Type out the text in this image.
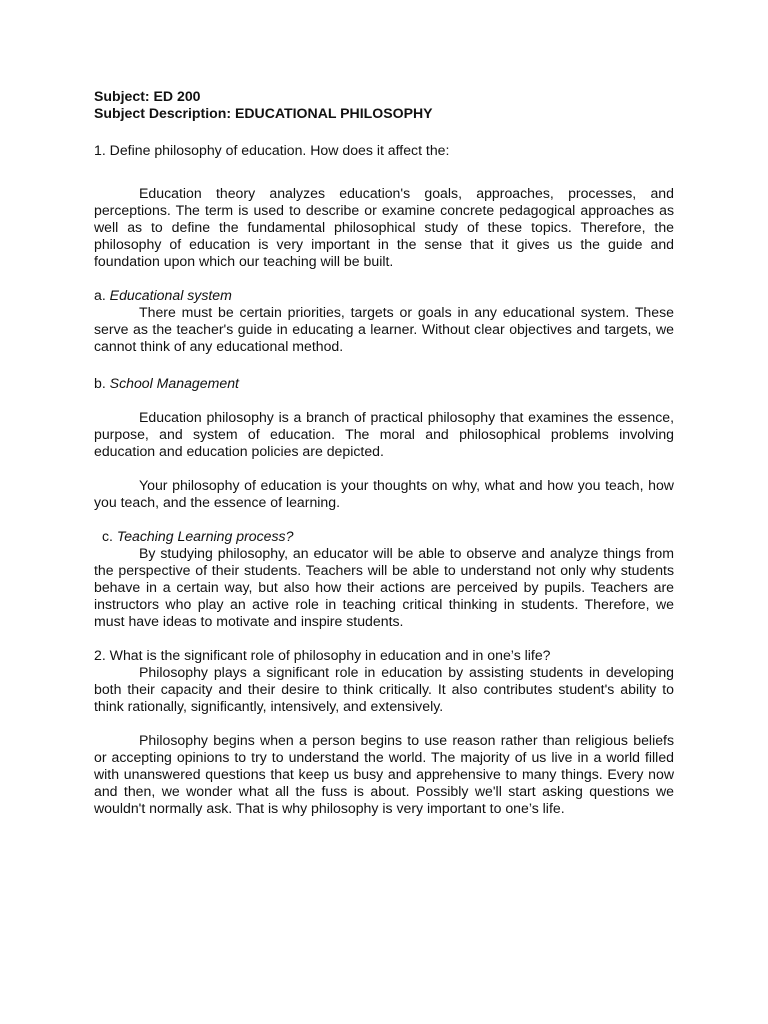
Subject: ED 200

Subject Description: EDUCATIONAL PHILOSOPHY

1. Define philosophy of education. How does it affect the:

Education theory analyzes education's goals, approaches, processes, and perceptions. The term is used to describe or examine concrete pedagogical approaches as well as to define the fundamental philosophical study of these topics. Therefore, the philosophy of education is very important in the sense that it gives us the guide and foundation upon which our teaching will be built.

a. Educational system

There must be certain priorities, targets or goals in any educational system. These serve as the teacher's guide in educating a learner. Without clear objectives and targets, we cannot think of any educational method.

b. School Management

Education philosophy is a branch of practical philosophy that examines the essence, purpose, and system of education. The moral and philosophical problems involving education and education policies are depicted.

Your philosophy of education is your thoughts on why, what and how you teach, how you teach, and the essence of learning.

c. Teaching Learning process?

By studying philosophy, an educator will be able to observe and analyze things from the perspective of their students. Teachers will be able to understand not only why students behave in a certain way, but also how their actions are perceived by pupils. Teachers are instructors who play an active role in teaching critical thinking in students. Therefore, we must have ideas to motivate and inspire students.

2. What is the significant role of philosophy in education and in one’s life?

Philosophy plays a significant role in education by assisting students in developing both their capacity and their desire to think critically. It also contributes student's ability to think rationally, significantly, intensively, and extensively.

Philosophy begins when a person begins to use reason rather than religious beliefs or accepting opinions to try to understand the world. The majority of us live in a world filled with unanswered questions that keep us busy and apprehensive to many things. Every now and then, we wonder what all the fuss is about. Possibly we'll start asking questions we wouldn't normally ask. That is why philosophy is very important to one’s life.
